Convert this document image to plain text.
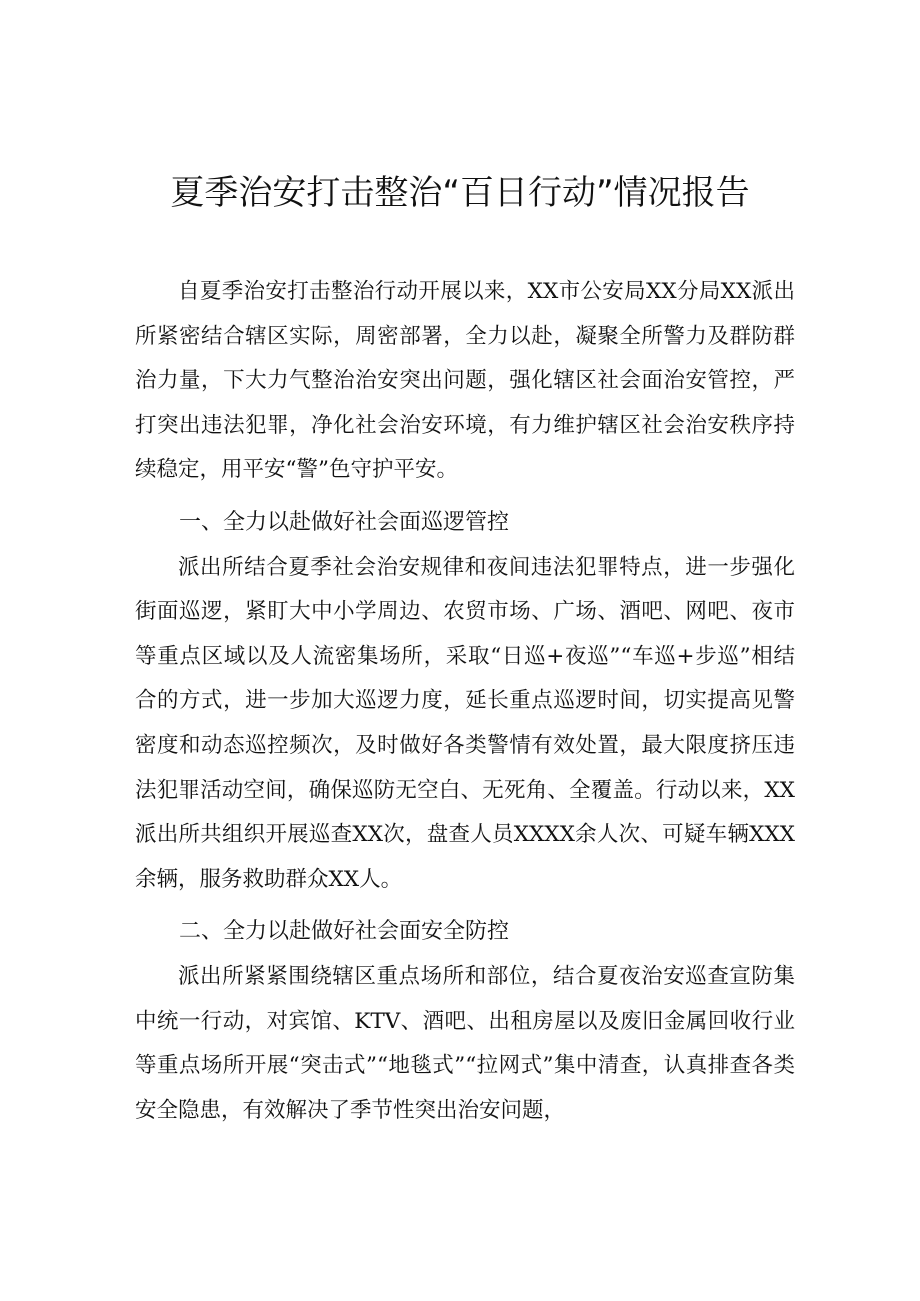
夏季治安打击整治“百日行动”情况报告

自夏季治安打击整治行动开展以来，XX市公安局XX分局XX派出所紧密结合辖区实际，周密部署，全力以赴，凝聚全所警力及群防群治力量，下大力气整治治安突出问题，强化辖区社会面治安管控，严打突出违法犯罪，净化社会治安环境，有力维护辖区社会治安秩序持续稳定，用平安“警”色守护平安。

一、全力以赴做好社会面巡逻管控

派出所结合夏季社会治安规律和夜间违法犯罪特点，进一步强化街面巡逻，紧盯大中小学周边、农贸市场、广场、酒吧、网吧、夜市等重点区域以及人流密集场所，采取“日巡+夜巡”“车巡+步巡”相结合的方式，进一步加大巡逻力度，延长重点巡逻时间，切实提高见警密度和动态巡控频次，及时做好各类警情有效处置，最大限度挤压违法犯罪活动空间，确保巡防无空白、无死角、全覆盖。行动以来，XX派出所共组织开展巡查XX次，盘查人员XXXX余人次、可疑车辆XXX余辆，服务救助群众XX人。

二、全力以赴做好社会面安全防控

派出所紧紧围绕辖区重点场所和部位，结合夏夜治安巡查宣防集中统一行动，对宾馆、KTV、酒吧、出租房屋以及废旧金属回收行业等重点场所开展“突击式”“地毯式”“拉网式”集中清查，认真排查各类安全隐患，有效解决了季节性突出治安问题，
